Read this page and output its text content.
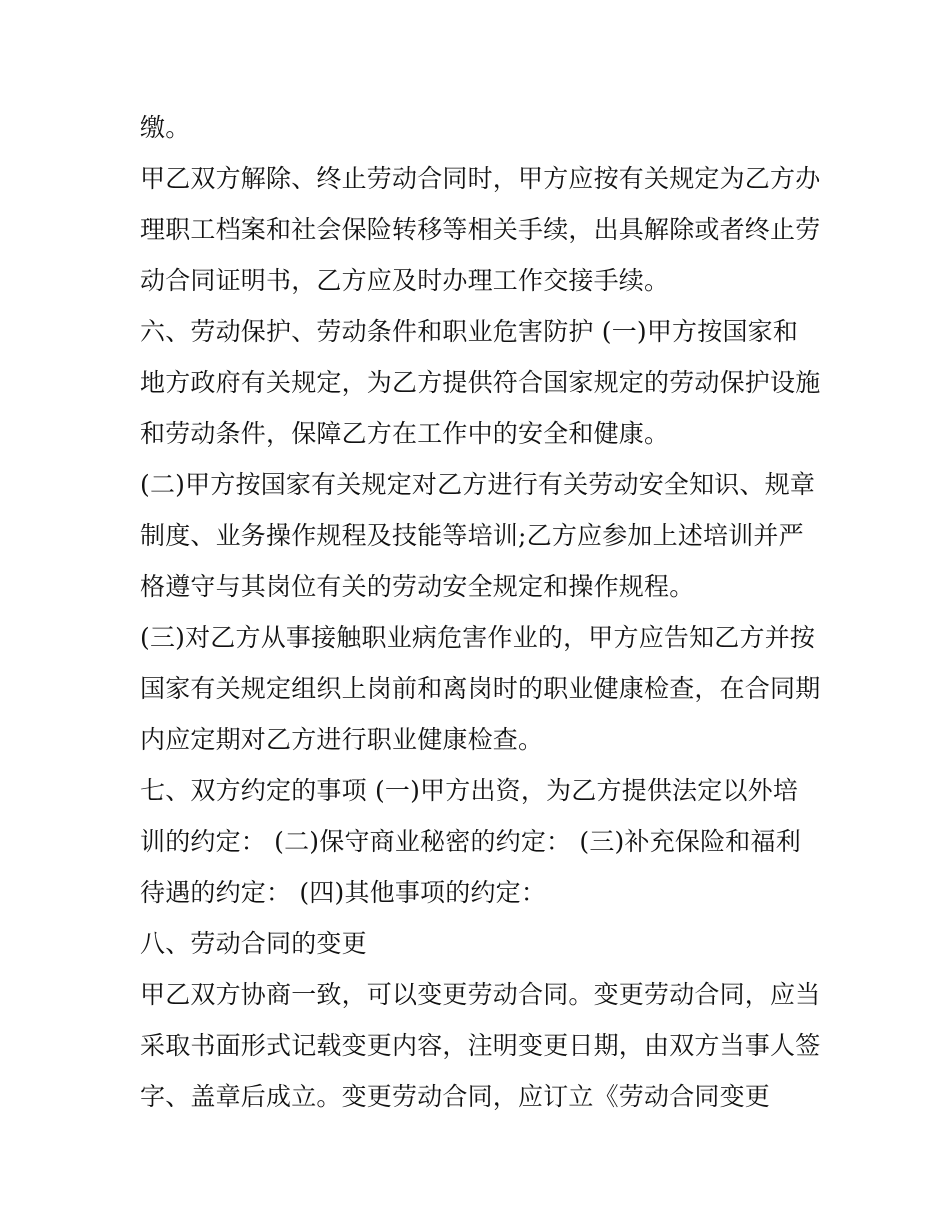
缴。
甲乙双方解除、终止劳动合同时，甲方应按有关规定为乙方办
理职工档案和社会保险转移等相关手续，出具解除或者终止劳
动合同证明书，乙方应及时办理工作交接手续。
六、劳动保护、劳动条件和职业危害防护 (一)甲方按国家和
地方政府有关规定，为乙方提供符合国家规定的劳动保护设施
和劳动条件，保障乙方在工作中的安全和健康。
(二)甲方按国家有关规定对乙方进行有关劳动安全知识、规章
制度、业务操作规程及技能等培训;乙方应参加上述培训并严
格遵守与其岗位有关的劳动安全规定和操作规程。
(三)对乙方从事接触职业病危害作业的，甲方应告知乙方并按
国家有关规定组织上岗前和离岗时的职业健康检查，在合同期
内应定期对乙方进行职业健康检查。
七、双方约定的事项 (一)甲方出资，为乙方提供法定以外培
训的约定： (二)保守商业秘密的约定： (三)补充保险和福利
待遇的约定： (四)其他事项的约定：
八、劳动合同的变更
甲乙双方协商一致，可以变更劳动合同。变更劳动合同，应当
采取书面形式记载变更内容，注明变更日期，由双方当事人签
字、盖章后成立。变更劳动合同，应订立《劳动合同变更
